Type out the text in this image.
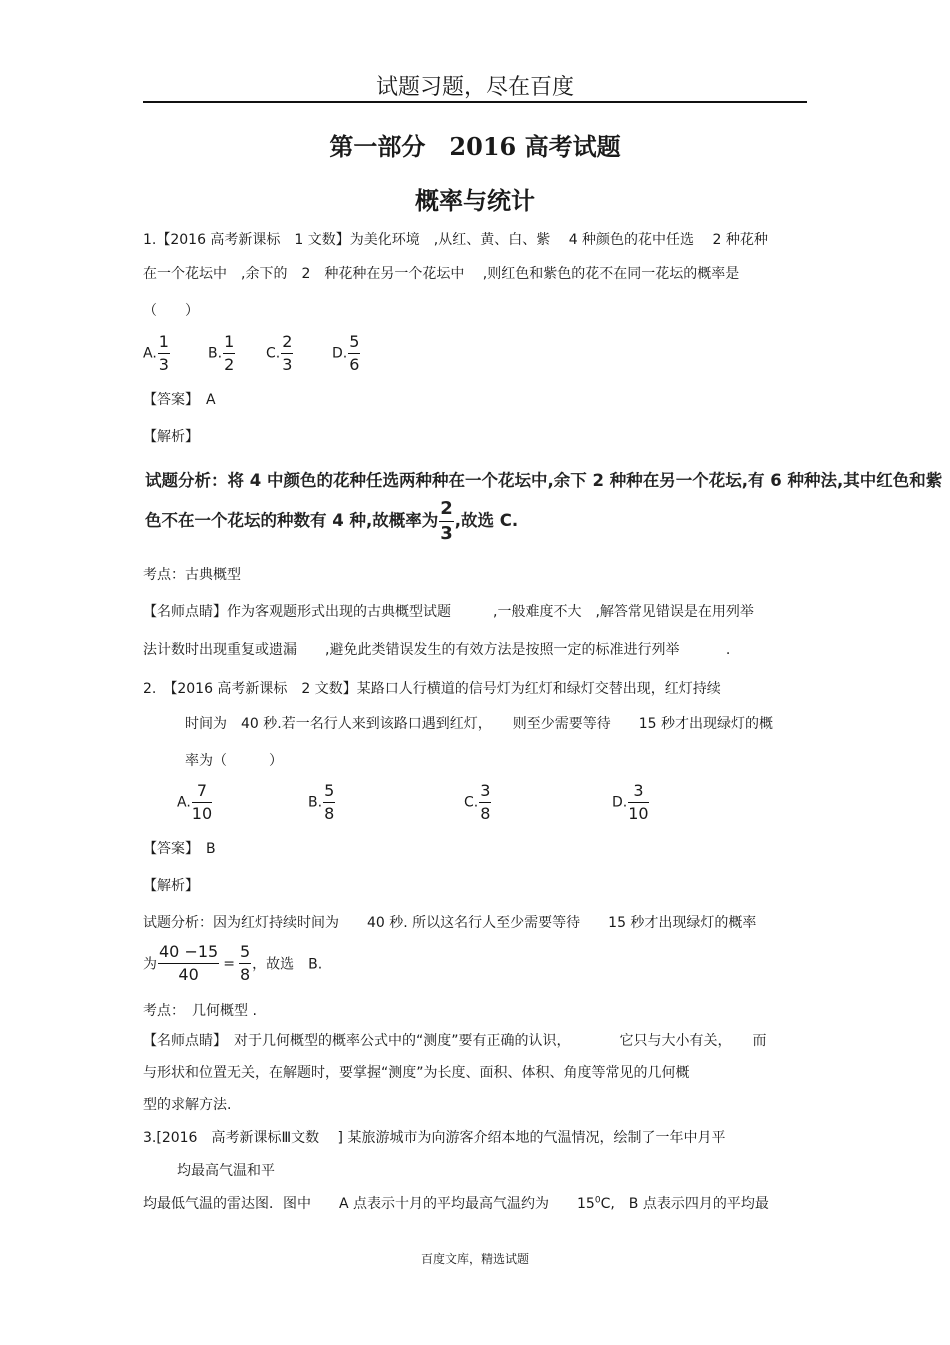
试题习题，尽在百度
第一部分　2016 高考试题
概率与统计
1.【2016 高考新课标　1 文数】为美化环境　,从红、黄、白、紫　 4 种颜色的花中任选　 2 种花种
在一个花坛中　,余下的　2　种花种在另一个花坛中　 ,则红色和紫色的花不在同一花坛的概率是
（　　）
A. $\frac{1}{3}$	B. $\frac{1}{2} C$. $\frac{2}{3}$	D. $\frac{5}{6}$
【答案】　A
【解析】
试题分析：将 4 中颜色的花种任选两种种在一个花坛中,余下 2 种种在另一个花坛,有 6 种种法,其中红色和紫
色不在一个花坛的种数有 4 种,故概率为 $\frac{2}{3}$ ,故选 C.
考点：古典概型
【名师点睛】作为客观题形式出现的古典概型试题　　　,一般难度不大　,解答常见错误是在用列举
法计数时出现重复或遗漏　　,避免此类错误发生的有效方法是按照一定的标准进行列举　　　 .
2.　【2016 高考新课标　2 文数】某路口人行横道的信号灯为红灯和绿灯交替出现，红灯持续
时间为　40 秒.若一名行人来到该路口遇到红灯，　　则至少需要等待　　15 秒才出现绿灯的概
率为（　　　）
A. $\frac{7}{10}$	B. $\frac{5}{8}$	C. $\frac{3}{8}$	D. $\frac{3}{10}$
【答案】　B
【解析】
试题分析：因为红灯持续时间为　　40 秒. 所以这名行人至少需要等待　　15 秒才出现绿灯的概率
为 $\frac{40 -15}{40} = \frac{5}{8}$ ，故选　B.
考点：　几何概型 .
【名师点睛】　对于几何概型的概率公式中的“测度”要有正确的认识，　　　　它只与大小有关，　　而
与形状和位置无关，在解题时，要掌握“测度”为长度、面积、体积、角度等常见的几何概
型的求解方法.
3.[2016　高考新课标Ⅲ文数　 ] 某旅游城市为向游客介绍本地的气温情况，绘制了一年中月平
均最高气温和平
均最低气温的雷达图．图中　　A 点表示十月的平均最高气温约为　　$15^0C$,　B 点表示四月的平均最
百度文库，精选试题
